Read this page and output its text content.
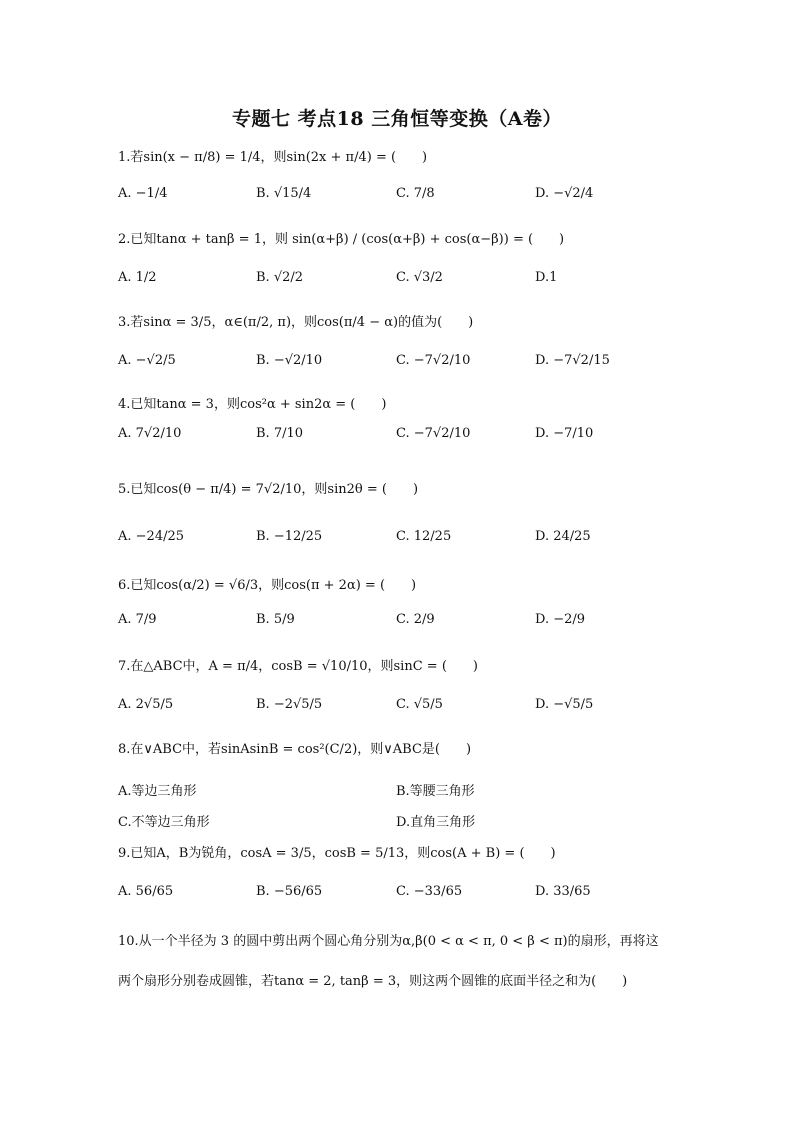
专题七 考点18 三角恒等变换（A卷）
1.若sin(x − π/8) = 1/4，则sin(2x + π/4) = (　　)
A. −1/4	B. √15/4	C. 7/8	D. −√2/4
2.已知tanα + tanβ = 1，则 sin(α+β) / (cos(α+β) + cos(α−β)) = (　　)
A. 1/2	B. √2/2	C. √3/2	D.1
3.若sinα = 3/5，α∈(π/2, π)，则cos(π/4 − α)的值为(　　)
A. −√2/5	B. −√2/10	C. −7√2/10	D. −7√2/15
4.已知tanα = 3，则cos²α + sin2α = (　　)
A. 7√2/10	B. 7/10	C. −7√2/10	D. −7/10
5.已知cos(θ − π/4) = 7√2/10，则sin2θ = (　　)
A. −24/25	B. −12/25	C. 12/25	D. 24/25
6.已知cos(α/2) = √6/3，则cos(π + 2α) = (　　)
A. 7/9	B. 5/9	C. 2/9	D. −2/9
7.在△ABC中，A = π/4，cosB = √10/10，则sinC = (　　)
A. 2√5/5	B. −2√5/5	C. √5/5	D. −√5/5
8.在∨ABC中，若sinAsinB = cos²(C/2)，则∨ABC是(　　)
A.等边三角形	B.等腰三角形
C.不等边三角形	D.直角三角形
9.已知A，B为锐角，cosA = 3/5，cosB = 5/13，则cos(A + B) = (　　)
A. 56/65	B. −56/65	C. −33/65	D. 33/65
10.从一个半径为 3 的圆中剪出两个圆心角分别为α,β(0 < α < π, 0 < β < π)的扇形，再将这
两个扇形分别卷成圆锥，若tanα = 2, tanβ = 3，则这两个圆锥的底面半径之和为(　　)
